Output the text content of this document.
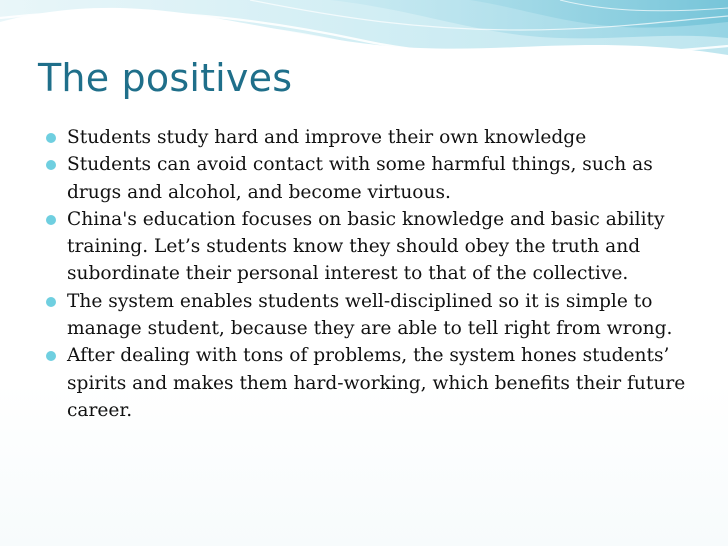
The positives
Students study hard and improve their own knowledge
Students can avoid contact with some harmful things, such as drugs and alcohol, and become virtuous.
China's education focuses on basic knowledge and basic ability training. Let’s students know they should obey the truth and subordinate their personal interest to that of the collective.
The system enables students well-disciplined so it is simple to manage student, because they are able to tell right from wrong.
After dealing with tons of problems, the system hones students’ spirits and makes them hard-working, which benefits their future career.
